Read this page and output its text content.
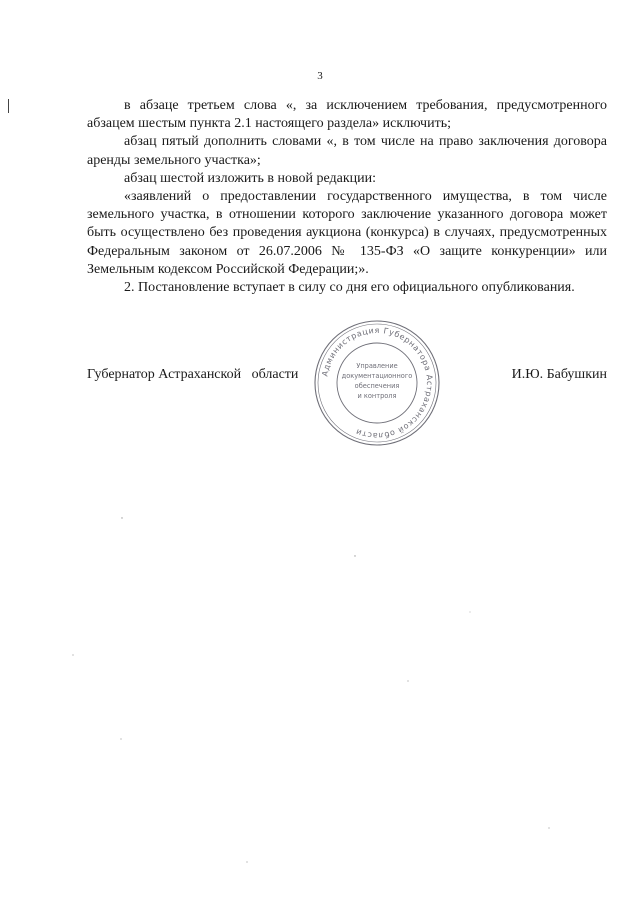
3

в абзаце третьем слова «, за исключением требования, предусмотренного абзацем шестым пункта 2.1 настоящего раздела» исключить;

абзац пятый дополнить словами «, в том числе на право заключения договора аренды земельного участка»;

абзац шестой изложить в новой редакции:

«заявлений о предоставлении государственного имущества, в том числе земельного участка, в отношении которого заключение указанного договора может быть осуществлено без проведения аукциона (конкурса) в случаях, предусмотренных Федеральным законом от 26.07.2006 № 135-ФЗ «О защите конкуренции» или Земельным кодексом Российской Федерации;».

2. Постановление вступает в силу со дня его официального опубликования.

Губернатор Астраханской   области	И.Ю. Бабушкин
Администрация Губернатора Астраханской области
Управление
документационного
обеспечения
и контроля
